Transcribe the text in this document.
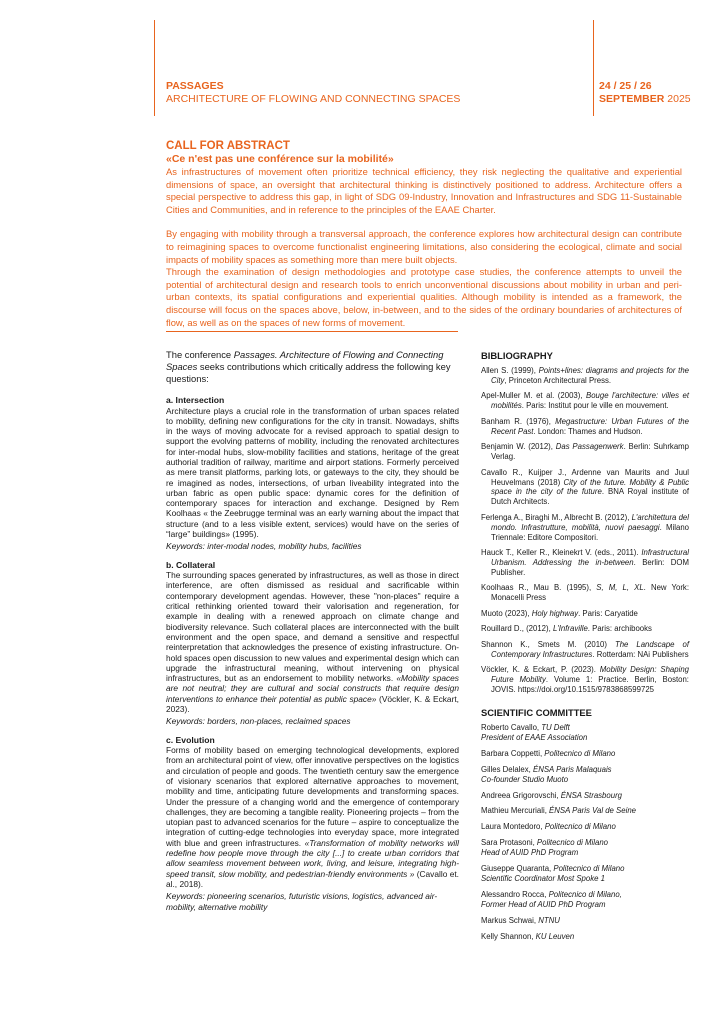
PASSAGES
ARCHITECTURE OF FLOWING AND CONNECTING SPACES
24 / 25 / 26
SEPTEMBER 2025
CALL FOR ABSTRACT
«Ce n'est pas une conférence sur la mobilité»

As infrastructures of movement often prioritize technical efficiency, they risk neglecting the qualitative and experiential dimensions of space, an oversight that architectural thinking is distinctively positioned to address. Architecture offers a special perspective to address this gap, in light of SDG 09-Industry, Innovation and Infrastructures and SDG 11-Sustainable Cities and Communities, and in reference to the principles of the EAAE Charter.

By engaging with mobility through a transversal approach, the conference explores how architectural design can contribute to reimagining spaces to overcome functionalist engineering limitations, also considering the ecological, climate and social impacts of mobility spaces as something more than mere built objects.

Through the examination of design methodologies and prototype case studies, the conference attempts to unveil the potential of architectural design and research tools to enrich unconventional discussions about mobility in urban and peri-urban contexts, its spatial configurations and experiential qualities. Although mobility is intended as a framework, the discourse will focus on the spaces above, below, in-between, and to the sides of the ordinary boundaries of architectures of flow, as well as on the spaces of new forms of movement.

The conference Passages. Architecture of Flowing and Connecting Spaces seeks contributions which critically address the following key questions:

a. Intersection

Architecture plays a crucial role in the transformation of urban spaces related to mobility, defining new configurations for the city in transit. Nowadays, shifts in the ways of moving advocate for a revised approach to spatial design to support the evolving patterns of mobility, including the renovated architectures for inter-modal hubs, slow-mobility facilities and stations, heritage of the great authorial tradition of railway, maritime and airport stations. Formerly perceived as mere transit platforms, parking lots, or gateways to the city, they should be re imagined as nodes, intersections, of urban liveability integrated into the urban fabric as open public space: dynamic cores for the definition of contemporary spaces for interaction and exchange. Designed by Rem Koolhaas « the Zeebrugge terminal was an early warning about the impact that structure (and to a less visible extent, services) would have on the series of “large” buildings» (1995).

Keywords: inter-modal nodes, mobility hubs, facilities

b. Collateral

The surrounding spaces generated by infrastructures, as well as those in direct interference, are often dismissed as residual and sacrificable within contemporary development agendas. However, these "non-places" require a critical rethinking oriented toward their valorisation and regeneration, for example in dealing with a renewed approach on climate change and biodiversity relevance. Such collateral places are interconnected with the built environment and the open space, and demand a sensitive and respectful reinterpretation that acknowledges the presence of existing infrastructure. On-hold spaces open discussion to new values and experimental design which can upgrade the infrastructural meaning, without intervening on physical infrastructures, but as an endorsement to mobility networks. «Mobility spaces are not neutral; they are cultural and social constructs that require design interventions to enhance their potential as public space» (Vöckler, K. & Eckart, 2023).

Keywords: borders, non-places, reclaimed spaces

c. Evolution

Forms of mobility based on emerging technological developments, explored from an architectural point of view, offer innovative perspectives on the logistics and circulation of people and goods. The twentieth century saw the emergence of visionary scenarios that explored alternative approaches to movement, mobility and time, anticipating future developments and transforming spaces. Under the pressure of a changing world and the emergence of contemporary challenges, they are becoming a tangible reality. Pioneering projects – from the utopian past to advanced scenarios for the future – aspire to conceptualize the integration of cutting-edge technologies into everyday space, more integrated with blue and green infrastructures. «Transformation of mobility networks will redefine how people move through the city [...] to create urban corridors that allow seamless movement between work, living, and leisure, integrating high-speed transit, slow mobility, and pedestrian-friendly environments » (Cavallo et. al., 2018).

Keywords: pioneering scenarios, futuristic visions, logistics, advanced air-mobility, alternative mobility

BIBLIOGRAPHY

Allen S. (1999), Points+lines: diagrams and projects for the City, Princeton Architectural Press.

Apel-Muller M. et al. (2003), Bouge l'architecture: villes et mobilités. Paris: Institut pour le ville en mouvement.

Banham R. (1976), Megastructure: Urban Futures of the Recent Past. London: Thames and Hudson.

Benjamin W. (2012), Das Passagenwerk. Berlin: Suhrkamp Verlag.

Cavallo R., Kuijper J., Ardenne van Maurits and Juul Heuvelmans (2018) City of the future. Mobility & Public space in the city of the future. BNA Royal institute of Dutch Architects.

Ferlenga A., Biraghi M., Albrecht B. (2012), L'architettura del mondo. Infrastrutture, mobilità, nuovi paesaggi. Milano Triennale: Editore Compositori.

Hauck T., Keller R., Kleinekrt V. (eds., 2011). Infrastructural Urbanism. Addressing the in-between. Berlin: DOM Publisher.

Koolhaas R., Mau B. (1995), S, M, L, XL. New York: Monacelli Press

Muoto (2023), Holy highway. Paris: Caryatide

Rouillard D., (2012), L'Infraville. Paris: archibooks

Shannon K., Smets M. (2010) The Landscape of Contemporary Infrastructures. Rotterdam: NAi Publishers

Vöckler, K. & Eckart, P. (2023). Mobility Design: Shaping Future Mobility. Volume 1: Practice. Berlin, Boston: JOVIS. https://doi.org/10.1515/9783868599725

SCIENTIFIC COMMITTEE
Roberto Cavallo, TU Delft
President of EAAE Association
Barbara Coppetti, Politecnico di Milano
Gilles Delalex, ÉNSA Paris Malaquais
Co-founder Studio Muoto
Andreea Grigorovschi, ÉNSA Strasbourg
Mathieu Mercuriali, ÉNSA Paris Val de Seine
Laura Montedoro, Politecnico di Milano
Sara Protasoni, Politecnico di Milano
Head of AUID PhD Program
Giuseppe Quaranta, Politecnico di Milano
Scientific Coordinator Most Spoke 1
Alessandro Rocca, Politecnico di Milano,
Former Head of AUID PhD Program
Markus Schwai, NTNU
Kelly Shannon, KU Leuven
